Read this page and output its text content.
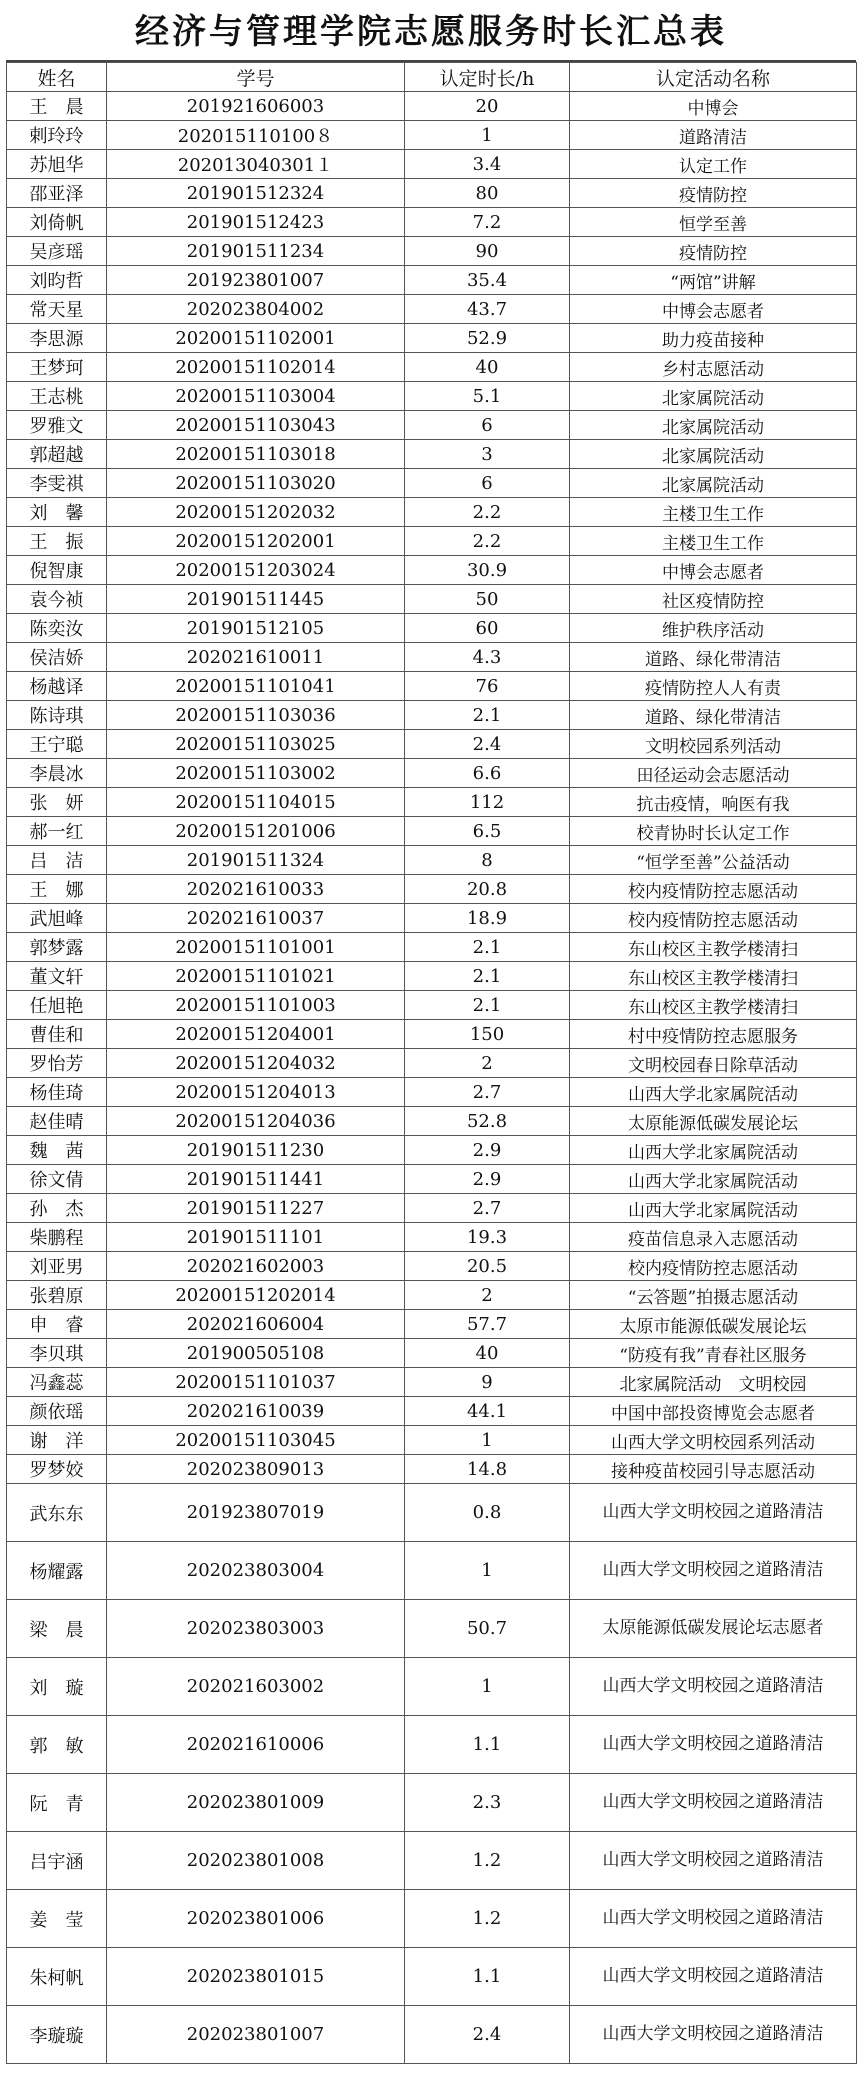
经济与管理学院志愿服务时长汇总表
姓名	学号	认定时长/h	认定活动名称
王　晨	201921606003	20	中博会
剌玲玲	202015110100８	1	道路清洁
苏旭华	202013040301１	3.4	认定工作
邵亚泽	201901512324	80	疫情防控
刘倚帆	201901512423	7.2	恒学至善
吴彦瑶	201901511234	90	疫情防控
刘昀哲	201923801007	35.4	“两馆”讲解
常天星	202023804002	43.7	中博会志愿者
李思源	20200151102001	52.9	助力疫苗接种
王梦珂	20200151102014	40	乡村志愿活动
王志桃	20200151103004	5.1	北家属院活动
罗雅文	20200151103043	6	北家属院活动
郭超越	20200151103018	3	北家属院活动
李雯祺	20200151103020	6	北家属院活动
刘　馨	20200151202032	2.2	主楼卫生工作
王　振	20200151202001	2.2	主楼卫生工作
倪智康	20200151203024	30.9	中博会志愿者
袁今祯	201901511445	50	社区疫情防控
陈奕汝	201901512105	60	维护秩序活动
侯洁娇	202021610011	4.3	道路、绿化带清洁
杨越译	20200151101041	76	疫情防控人人有责
陈诗琪	20200151103036	2.1	道路、绿化带清洁
王宁聪	20200151103025	2.4	文明校园系列活动
李晨冰	20200151103002	6.6	田径运动会志愿活动
张　妍	20200151104015	112	抗击疫情，响医有我
郝一红	20200151201006	6.5	校青协时长认定工作
吕　洁	201901511324	8	“恒学至善”公益活动
王　娜	202021610033	20.8	校内疫情防控志愿活动
武旭峰	202021610037	18.9	校内疫情防控志愿活动
郭梦露	20200151101001	2.1	东山校区主教学楼清扫
董文轩	20200151101021	2.1	东山校区主教学楼清扫
任旭艳	20200151101003	2.1	东山校区主教学楼清扫
曹佳和	20200151204001	150	村中疫情防控志愿服务
罗怡芳	20200151204032	2	文明校园春日除草活动
杨佳琦	20200151204013	2.7	山西大学北家属院活动
赵佳晴	20200151204036	52.8	太原能源低碳发展论坛
魏　茜	201901511230	2.9	山西大学北家属院活动
徐文倩	201901511441	2.9	山西大学北家属院活动
孙　杰	201901511227	2.7	山西大学北家属院活动
柴鹏程	201901511101	19.3	疫苗信息录入志愿活动
刘亚男	202021602003	20.5	校内疫情防控志愿活动
张碧原	20200151202014	2	“云答题”拍摄志愿活动
申　睿	202021606004	57.7	太原市能源低碳发展论坛
李贝琪	201900505108	40	“防疫有我”青春社区服务
冯鑫蕊	20200151101037	9	北家属院活动　文明校园
颜依瑶	202021610039	44.1	中国中部投资博览会志愿者
谢　洋	20200151103045	1	山西大学文明校园系列活动
罗梦姣	202023809013	14.8	接种疫苗校园引导志愿活动
武东东	201923807019	0.8	山西大学文明校园之道路清洁
杨耀露	202023803004	1	山西大学文明校园之道路清洁
梁　晨	202023803003	50.7	太原能源低碳发展论坛志愿者
刘　璇	202021603002	1	山西大学文明校园之道路清洁
郭　敏	202021610006	1.1	山西大学文明校园之道路清洁
阮　青	202023801009	2.3	山西大学文明校园之道路清洁
吕宇涵	202023801008	1.2	山西大学文明校园之道路清洁
姜　莹	202023801006	1.2	山西大学文明校园之道路清洁
朱柯帆	202023801015	1.1	山西大学文明校园之道路清洁
李璇璇	202023801007	2.4	山西大学文明校园之道路清洁
